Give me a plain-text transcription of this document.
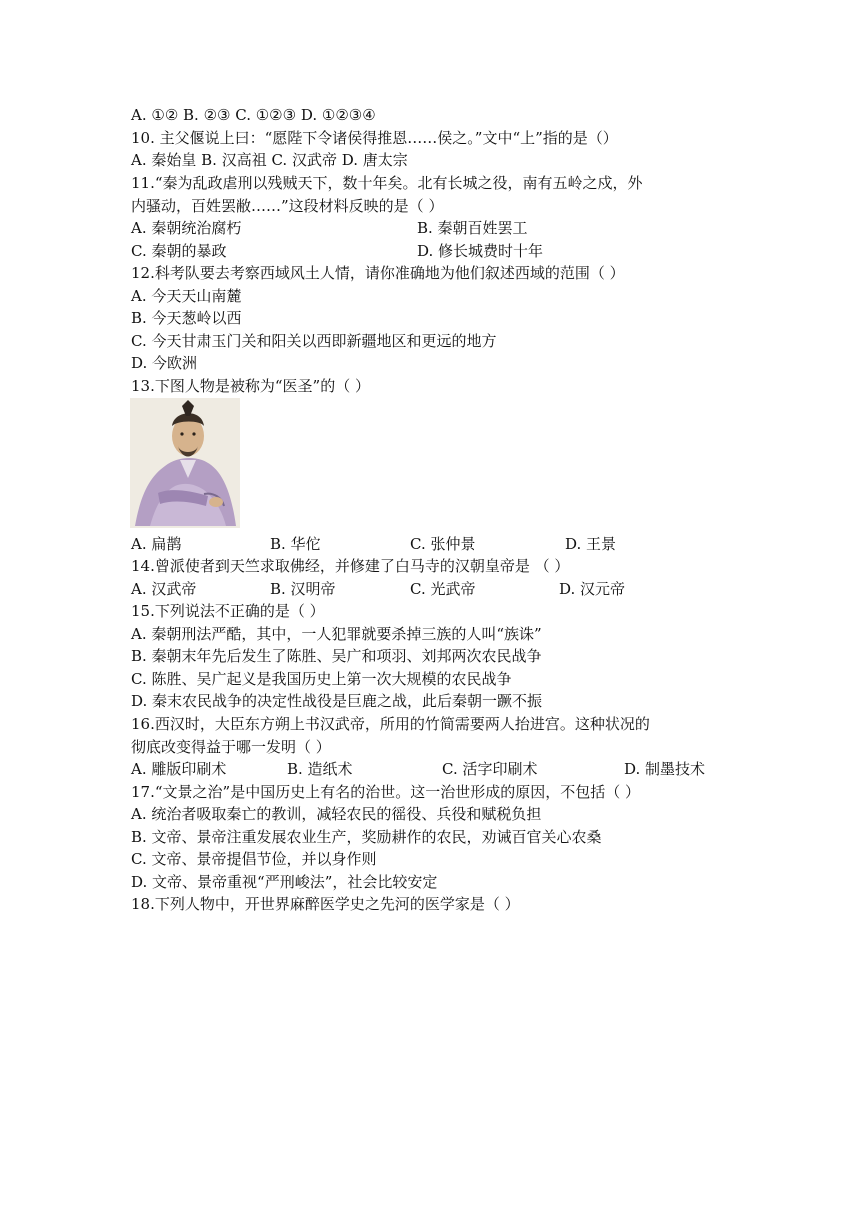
A. ①② B. ②③ C. ①②③ D. ①②③④
10. 主父偃说上曰：“愿陛下令诸侯得推恩……侯之。”文中“上”指的是（）
A. 秦始皇 B. 汉高祖 C. 汉武帝 D. 唐太宗
11.“秦为乱政虐刑以残贼天下，数十年矣。北有长城之役，南有五岭之戍，外
内骚动，百姓罢敝……”这段材料反映的是（ ）
A. 秦朝统治腐朽	B. 秦朝百姓罢工
C. 秦朝的暴政	D. 修长城费时十年
12.科考队要去考察西域风土人情，请你准确地为他们叙述西域的范围（ ）
A. 今天天山南麓
B. 今天葱岭以西
C. 今天甘肃玉门关和阳关以西即新疆地区和更远的地方
D. 今欧洲
13.下图人物是被称为“医圣”的（ ）
A. 扁鹊	B. 华佗	C. 张仲景	D. 王景
14.曾派使者到天竺求取佛经，并修建了白马寺的汉朝皇帝是 （ ）
A. 汉武帝	B. 汉明帝	C. 光武帝	D. 汉元帝
15.下列说法不正确的是（ ）
A. 秦朝刑法严酷，其中，一人犯罪就要杀掉三族的人叫“族诛”
B. 秦朝末年先后发生了陈胜、吴广和项羽、刘邦两次农民战争
C. 陈胜、吴广起义是我国历史上第一次大规模的农民战争
D. 秦末农民战争的决定性战役是巨鹿之战，此后秦朝一蹶不振
16.西汉时，大臣东方朔上书汉武帝，所用的竹简需要两人抬进宫。这种状况的
彻底改变得益于哪一发明（ ）
A. 雕版印刷术	B. 造纸术	C. 活字印刷术	D. 制墨技术
17.“文景之治”是中国历史上有名的治世。这一治世形成的原因，不包括（ ）
A. 统治者吸取秦亡的教训，减轻农民的徭役、兵役和赋税负担
B. 文帝、景帝注重发展农业生产，奖励耕作的农民，劝诫百官关心农桑
C. 文帝、景帝提倡节俭，并以身作则
D. 文帝、景帝重视“严刑峻法”，社会比较安定
18.下列人物中，开世界麻醉医学史之先河的医学家是（ ）
